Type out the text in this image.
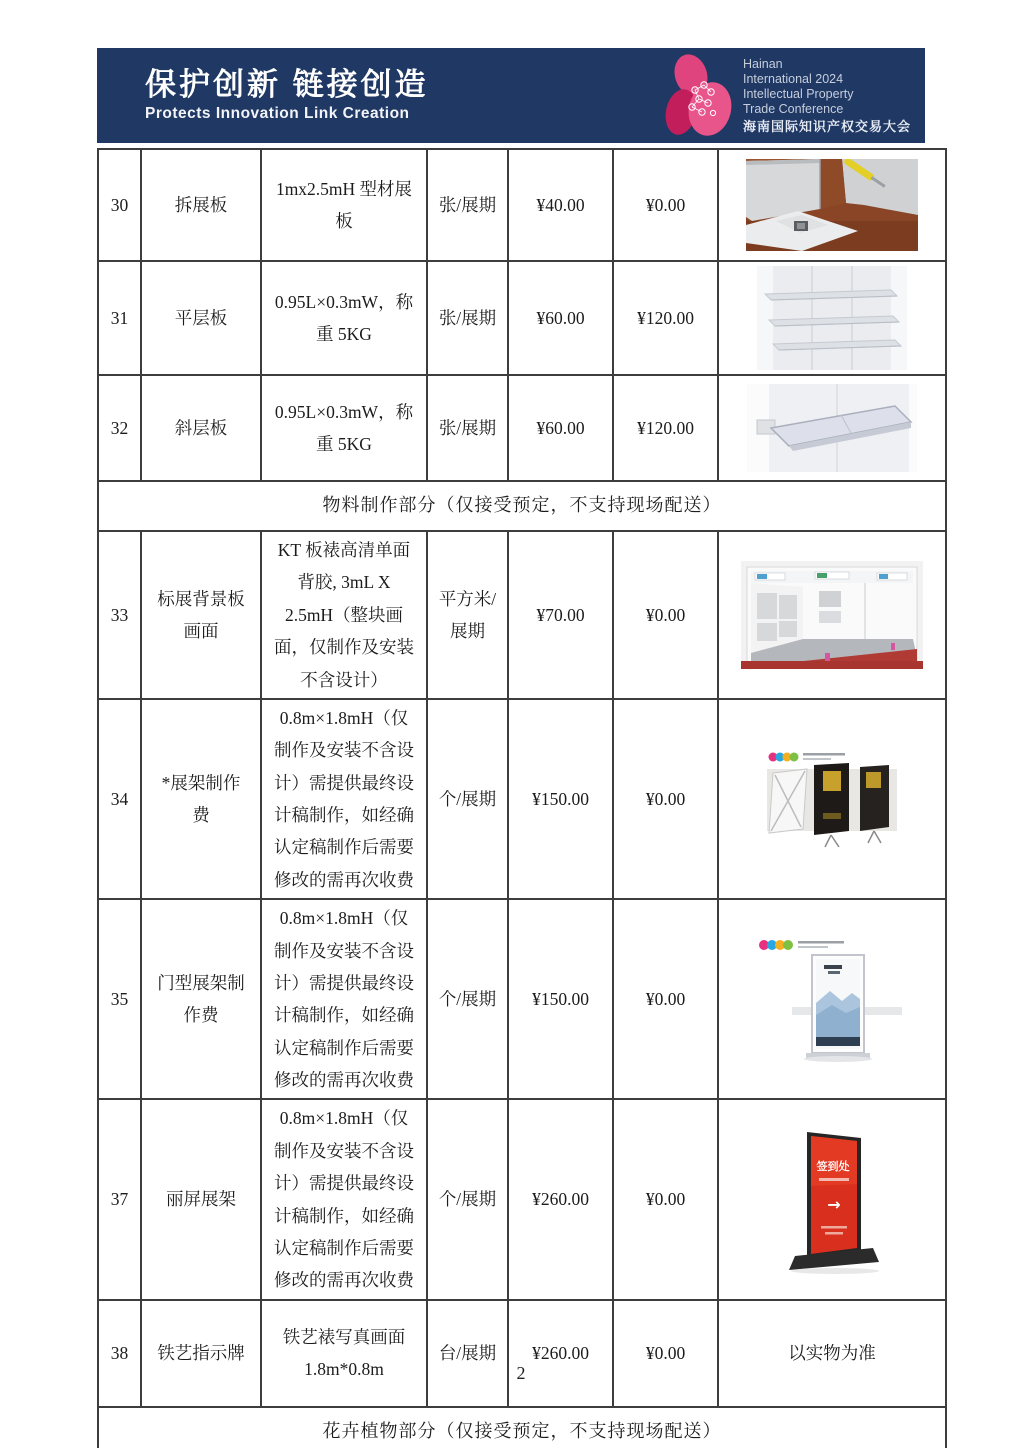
保护创新 链接创造
Protects Innovation Link Creation
Hainan
International 2024
Intellectual Property
Trade Conference
海南国际知识产权交易大会
30	拆展板	1mx2.5mH 型材展板	张/展期	¥40.00	¥0.00	

31	平层板	0.95L×0.3mW，称重 5KG	张/展期	¥60.00	¥120.00	

32	斜层板	0.95L×0.3mW，称重 5KG	张/展期	¥60.00	¥120.00	

物料制作部分（仅接受预定，不支持现场配送）						
33	标展背景板画面	KT 板裱高清单面背胶, 3mL X 2.5mH（整块画面，仅制作及安装不含设计）	平方米/展期	¥70.00	¥0.00	

34	*展架制作费	0.8m×1.8mH（仅制作及安装不含设计）需提供最终设计稿制作，如经确认定稿制作后需要修改的需再次收费	个/展期	¥150.00	¥0.00	

35	门型展架制作费	0.8m×1.8mH（仅制作及安装不含设计）需提供最终设计稿制作，如经确认定稿制作后需要修改的需再次收费	个/展期	¥150.00	¥0.00	

37	丽屏展架	0.8m×1.8mH（仅制作及安装不含设计）需提供最终设计稿制作，如经确认定稿制作后需要修改的需再次收费	个/展期	¥260.00	¥0.00	签到处
→

38	铁艺指示牌	铁艺裱写真画面 1.8m*0.8m	台/展期	¥260.00	¥0.00	以实物为准
花卉植物部分（仅接受预定，不支持现场配送）						
2
